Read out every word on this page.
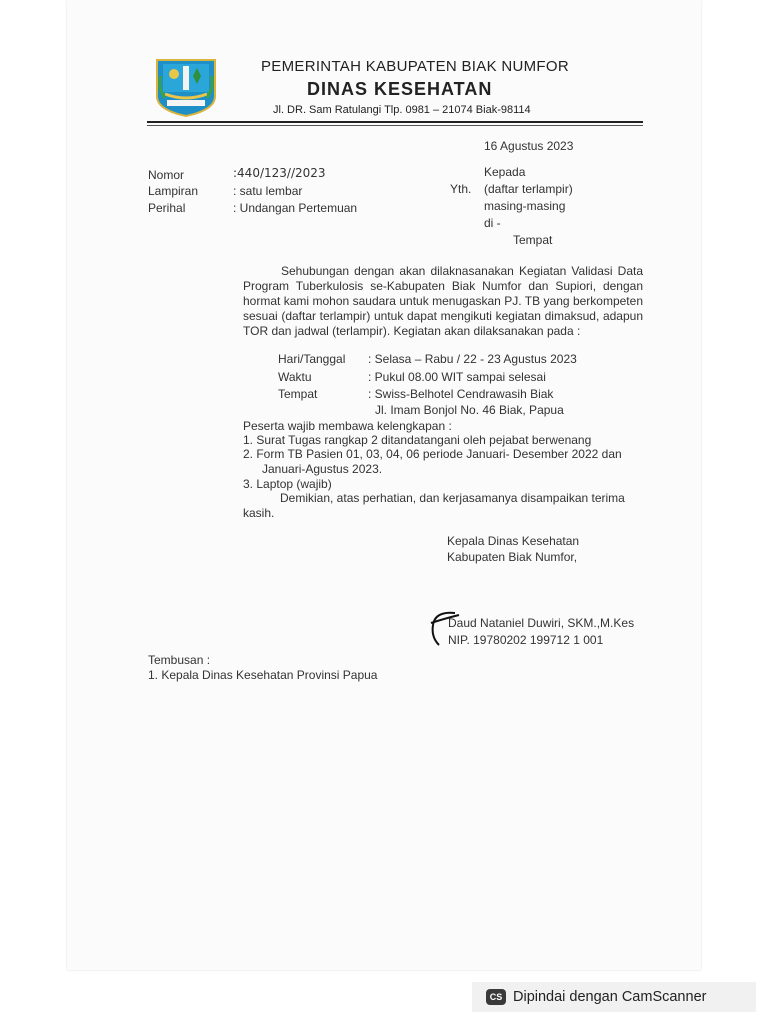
PEMERINTAH KABUPATEN BIAK NUMFOR
DINAS KESEHATAN
Jl. DR. Sam Ratulangi Tlp. 0981 – 21074 Biak-98114
16 Agustus 2023
Nomor	:440/123//2023
Lampiran	: satu lembar
Perihal	: Undangan Pertemuan
Kepada
Yth. (daftar terlampir)
masing-masing
di -
Tempat
Sehubungan dengan akan dilaknasanakan Kegiatan Validasi Data Program Tuberkulosis se-Kabupaten Biak Numfor dan Supiori, dengan hormat kami mohon saudara untuk menugaskan PJ. TB yang berkompeten sesuai (daftar terlampir) untuk dapat mengikuti kegiatan dimaksud, adapun TOR dan jadwal (terlampir). Kegiatan akan dilaksanakan pada :
Hari/Tanggal : Selasa – Rabu / 22 - 23 Agustus 2023
Waktu	: Pukul 08.00 WIT sampai selesai
Tempat	: Swiss-Belhotel Cendrawasih Biak
Jl. Imam Bonjol No. 46 Biak, Papua
Peserta wajib membawa kelengkapan :
1. Surat Tugas rangkap 2 ditandatangani oleh pejabat berwenang
2. Form TB Pasien 01, 03, 04, 06 periode Januari- Desember 2022 dan
Januari-Agustus 2023.
3. Laptop (wajib)
Demikian, atas perhatian, dan kerjasamanya disampaikan terima
kasih.
Kepala Dinas Kesehatan
Kabupaten Biak Numfor,
Daud Nataniel Duwiri, SKM.,M.Kes
NIP. 19780202 199712 1 001
Tembusan :
1. Kepala Dinas Kesehatan Provinsi Papua
CS Dipindai dengan CamScanner
